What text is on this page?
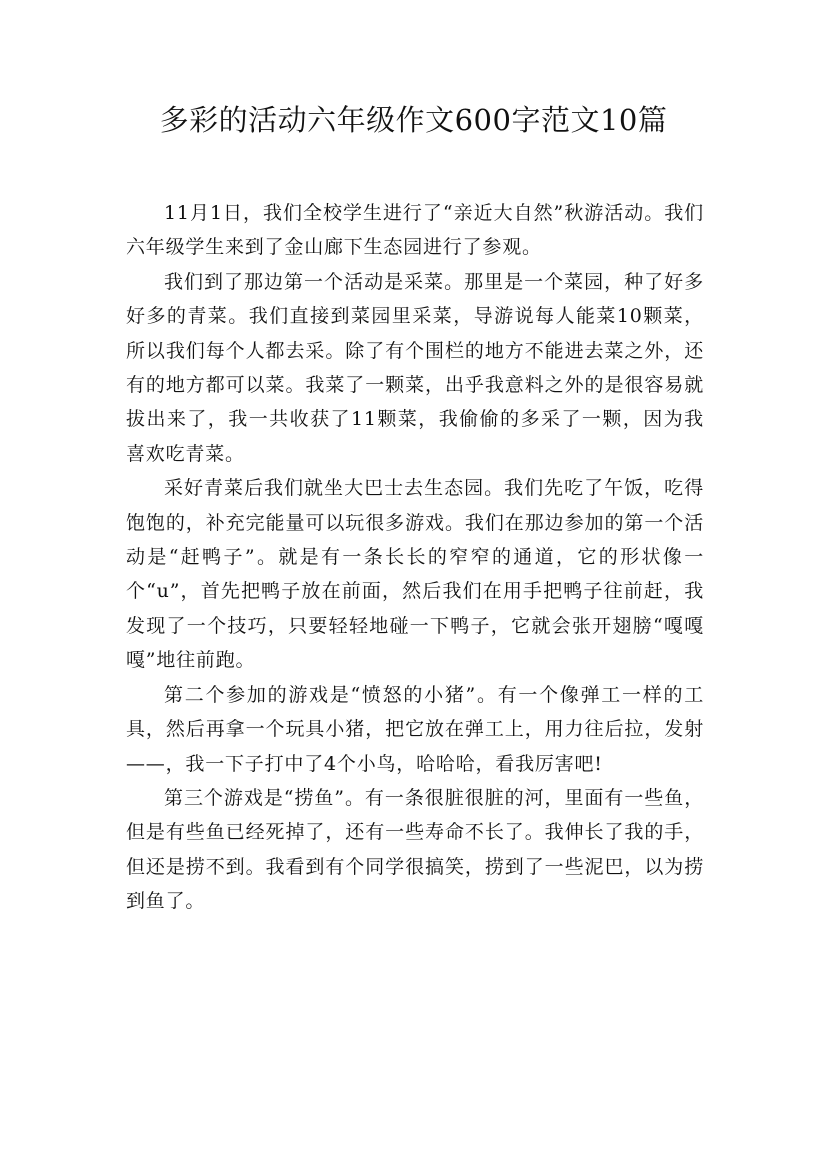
多彩的活动六年级作文600字范文10篇

11月1日，我们全校学生进行了“亲近大自然”秋游活动。我们六年级学生来到了金山廊下生态园进行了参观。

我们到了那边第一个活动是采菜。那里是一个菜园，种了好多好多的青菜。我们直接到菜园里采菜，导游说每人能菜10颗菜，所以我们每个人都去采。除了有个围栏的地方不能进去菜之外，还有的地方都可以菜。我菜了一颗菜，出乎我意料之外的是很容易就拔出来了，我一共收获了11颗菜，我偷偷的多采了一颗，因为我喜欢吃青菜。

采好青菜后我们就坐大巴士去生态园。我们先吃了午饭，吃得饱饱的，补充完能量可以玩很多游戏。我们在那边参加的第一个活动是“赶鸭子”。就是有一条长长的窄窄的通道，它的形状像一个“u”，首先把鸭子放在前面，然后我们在用手把鸭子往前赶，我发现了一个技巧，只要轻轻地碰一下鸭子，它就会张开翅膀“嘎嘎嘎”地往前跑。

第二个参加的游戏是“愤怒的小猪”。有一个像弹工一样的工具，然后再拿一个玩具小猪，把它放在弹工上，用力往后拉，发射——，我一下子打中了4个小鸟，哈哈哈，看我厉害吧!

第三个游戏是“捞鱼”。有一条很脏很脏的河，里面有一些鱼，但是有些鱼已经死掉了，还有一些寿命不长了。我伸长了我的手，但还是捞不到。我看到有个同学很搞笑，捞到了一些泥巴，以为捞到鱼了。
